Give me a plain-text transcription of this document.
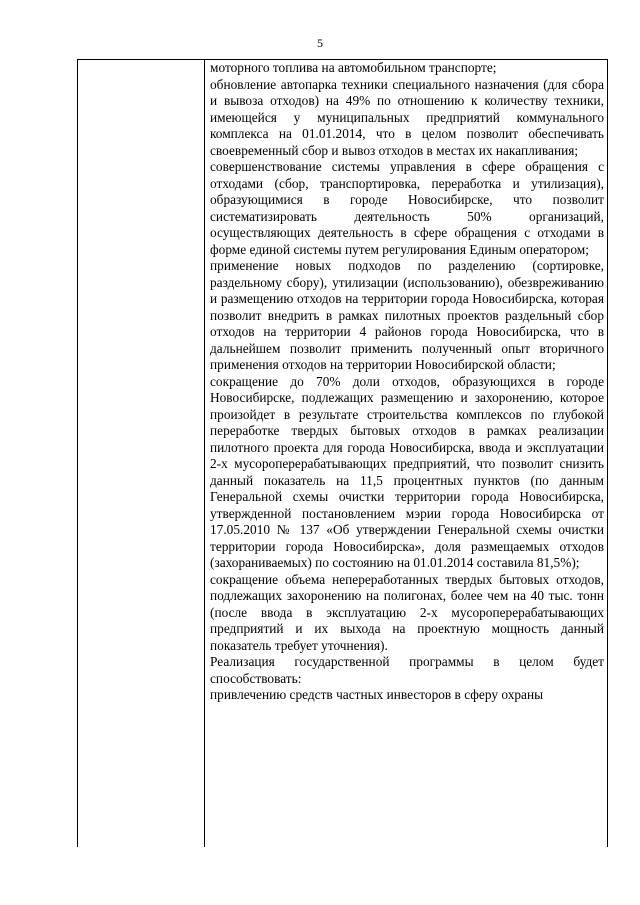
5

моторного топлива на автомобильном транспорте;

обновление автопарка техники специального назначения (для сбора и вывоза отходов) на 49% по отношению к количеству техники, имеющейся у муниципальных предприятий коммунального комплекса на 01.01.2014, что в целом позволит обеспечивать своевременный сбор и вывоз отходов в местах их накапливания;

совершенствование системы управления в сфере обращения с отходами (сбор, транспортировка, переработка и утилизация), образующимися в городе Новосибирске, что позволит систематизировать деятельность 50% организаций, осуществляющих деятельность в сфере обращения с отходами в форме единой системы путем регулирования Единым оператором;

применение новых подходов по разделению (сортировке, раздельному сбору), утилизации (использованию), обезвреживанию и размещению отходов на территории города Новосибирска, которая позволит внедрить в рамках пилотных проектов раздельный сбор отходов на территории 4 районов города Новосибирска, что в дальнейшем позволит применить полученный опыт вторичного применения отходов на территории Новосибирской области;

сокращение до 70% доли отходов, образующихся в городе Новосибирске, подлежащих размещению и захоронению, которое произойдет в результате строительства комплексов по глубокой переработке твердых бытовых отходов в рамках реализации пилотного проекта для города Новосибирска, ввода и эксплуатации 2-х мусороперерабатывающих предприятий, что позволит снизить данный показатель на 11,5 процентных пунктов (по данным Генеральной схемы очистки территории города Новосибирска, утвержденной постановлением мэрии города Новосибирска от 17.05.2010 № 137 «Об утверждении Генеральной схемы очистки территории города Новосибирска», доля размещаемых отходов (захораниваемых) по состоянию на 01.01.2014 составила 81,5%);

сокращение объема непереработанных твердых бытовых отходов, подлежащих захоронению на полигонах, более чем на 40 тыс. тонн (после ввода в эксплуатацию 2-х мусороперерабатывающих предприятий и их выхода на проектную мощность данный показатель требует уточнения).

Реализация государственной программы в целом будет способствовать:

привлечению средств частных инвесторов в сферу охраны
